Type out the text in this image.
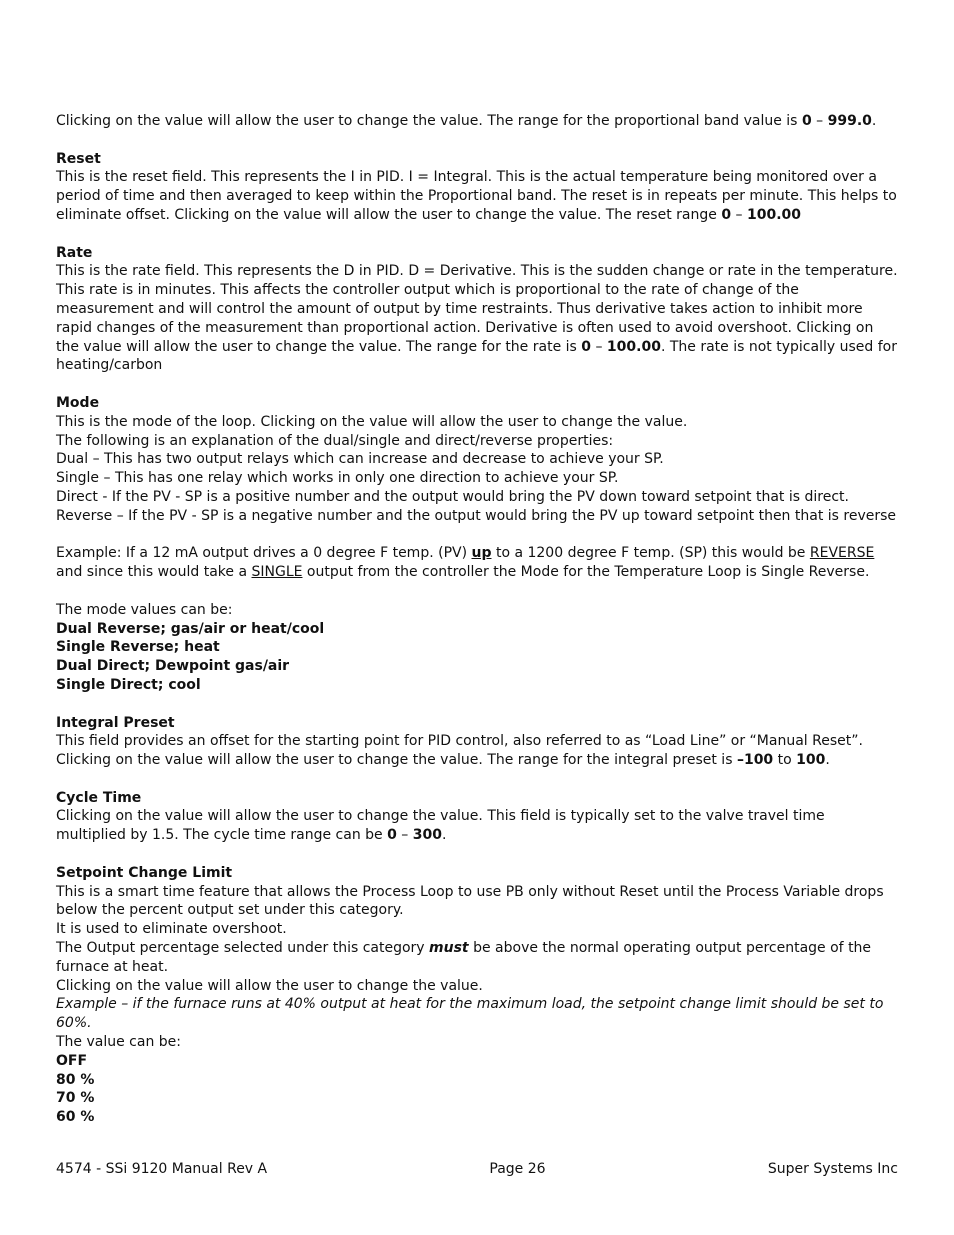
Clicking on the value will allow the user to change the value. The range for the proportional band value is 0 – 999.0.

Reset

This is the reset field. This represents the I in PID. I = Integral. This is the actual temperature being monitored over a period of time and then averaged to keep within the Proportional band. The reset is in repeats per minute. This helps to eliminate offset. Clicking on the value will allow the user to change the value. The reset range 0 – 100.00

Rate

This is the rate field. This represents the D in PID. D = Derivative. This is the sudden change or rate in the temperature. This rate is in minutes. This affects the controller output which is proportional to the rate of change of the measurement and will control the amount of output by time restraints. Thus derivative takes action to inhibit more rapid changes of the measurement than proportional action. Derivative is often used to avoid overshoot. Clicking on the value will allow the user to change the value. The range for the rate is 0 – 100.00. The rate is not typically used for heating/carbon

Mode

This is the mode of the loop. Clicking on the value will allow the user to change the value.

The following is an explanation of the dual/single and direct/reverse properties:

Dual – This has two output relays which can increase and decrease to achieve your SP.

Single – This has one relay which works in only one direction to achieve your SP.

Direct - If the PV - SP is a positive number and the output would bring the PV down toward setpoint that is direct.

Reverse – If the PV - SP is a negative number and the output would bring the PV up toward setpoint then that is reverse

Example: If a 12 mA output drives a 0 degree F temp. (PV) up to a 1200 degree F temp. (SP) this would be REVERSE and since this would take a SINGLE output from the controller the Mode for the Temperature Loop is Single Reverse.

The mode values can be:

Dual Reverse; gas/air or heat/cool

Single Reverse; heat

Dual Direct; Dewpoint gas/air

Single Direct; cool

Integral Preset

This field provides an offset for the starting point for PID control, also referred to as “Load Line” or “Manual Reset”. Clicking on the value will allow the user to change the value. The range for the integral preset is –100 to 100.

Cycle Time

Clicking on the value will allow the user to change the value. This field is typically set to the valve travel time multiplied by 1.5. The cycle time range can be 0 – 300.

Setpoint Change Limit

This is a smart time feature that allows the Process Loop to use PB only without Reset until the Process Variable drops below the percent output set under this category.

It is used to eliminate overshoot.

The Output percentage selected under this category must be above the normal operating output percentage of the furnace at heat.

Clicking on the value will allow the user to change the value.

Example – if the furnace runs at 40% output at heat for the maximum load, the setpoint change limit should be set to 60%.

The value can be:

OFF

80 %

70 %

60 %

4574 - SSi 9120 Manual Rev A	Page 26	Super Systems Inc
